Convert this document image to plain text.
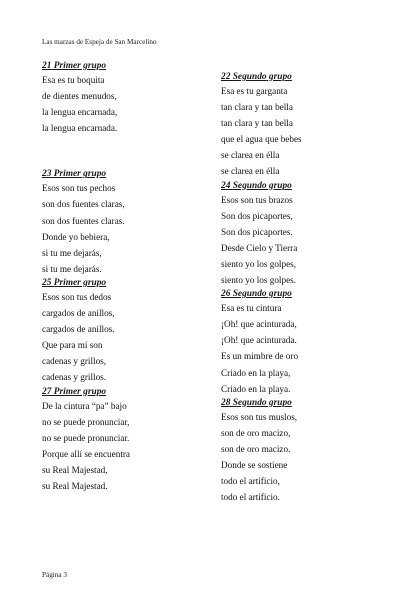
Las marzas de Espeja de San Marcelino

21 Primer grupo

Esa es tu boquita

de dientes menudos,

la lengua encarnada,

la lengua encarnada.

23 Primer grupo

Esos son tus pechos

son dos fuentes claras,

son dos fuentes claras.

Donde yo bebiera,

si tu me dejarás,

si tu me dejarás.

25 Primer grupo

Esos son tus dedos

cargados de anillos,

cargados de anillos.

Que para mí son

cadenas y grillos,

cadenas y grillos.

27 Primer grupo

De la cintura “pa” bajo

no se puede pronunciar,

no se puede pronunciar.

Porque allí se encuentra

su Real Majestad,

su Real Majestad.

22 Segundo grupo

Esa es tu garganta

tan clara y tan bella

tan clara y tan bella

que el agua que bebes

se clarea en élla

se clarea en élla

24 Segundo grupo

Esos son tus brazos

Son dos picaportes,

Son dos picaportes.

Desde Cielo y Tierra

siento yo los golpes,

siento yo los golpes.

26 Segundo grupo

Esa es tu cintura

¡Oh! que acinturada,

¡Oh! que acinturada.

Es un mimbre de oro

Criado en la playa,

Criado en la playa.

28 Segundo grupo

Esos son tus muslos,

son de oro macizo,

son de oro macizo.

Donde se sostiene

todo el artificio,

todo el artificio.

Página 3
